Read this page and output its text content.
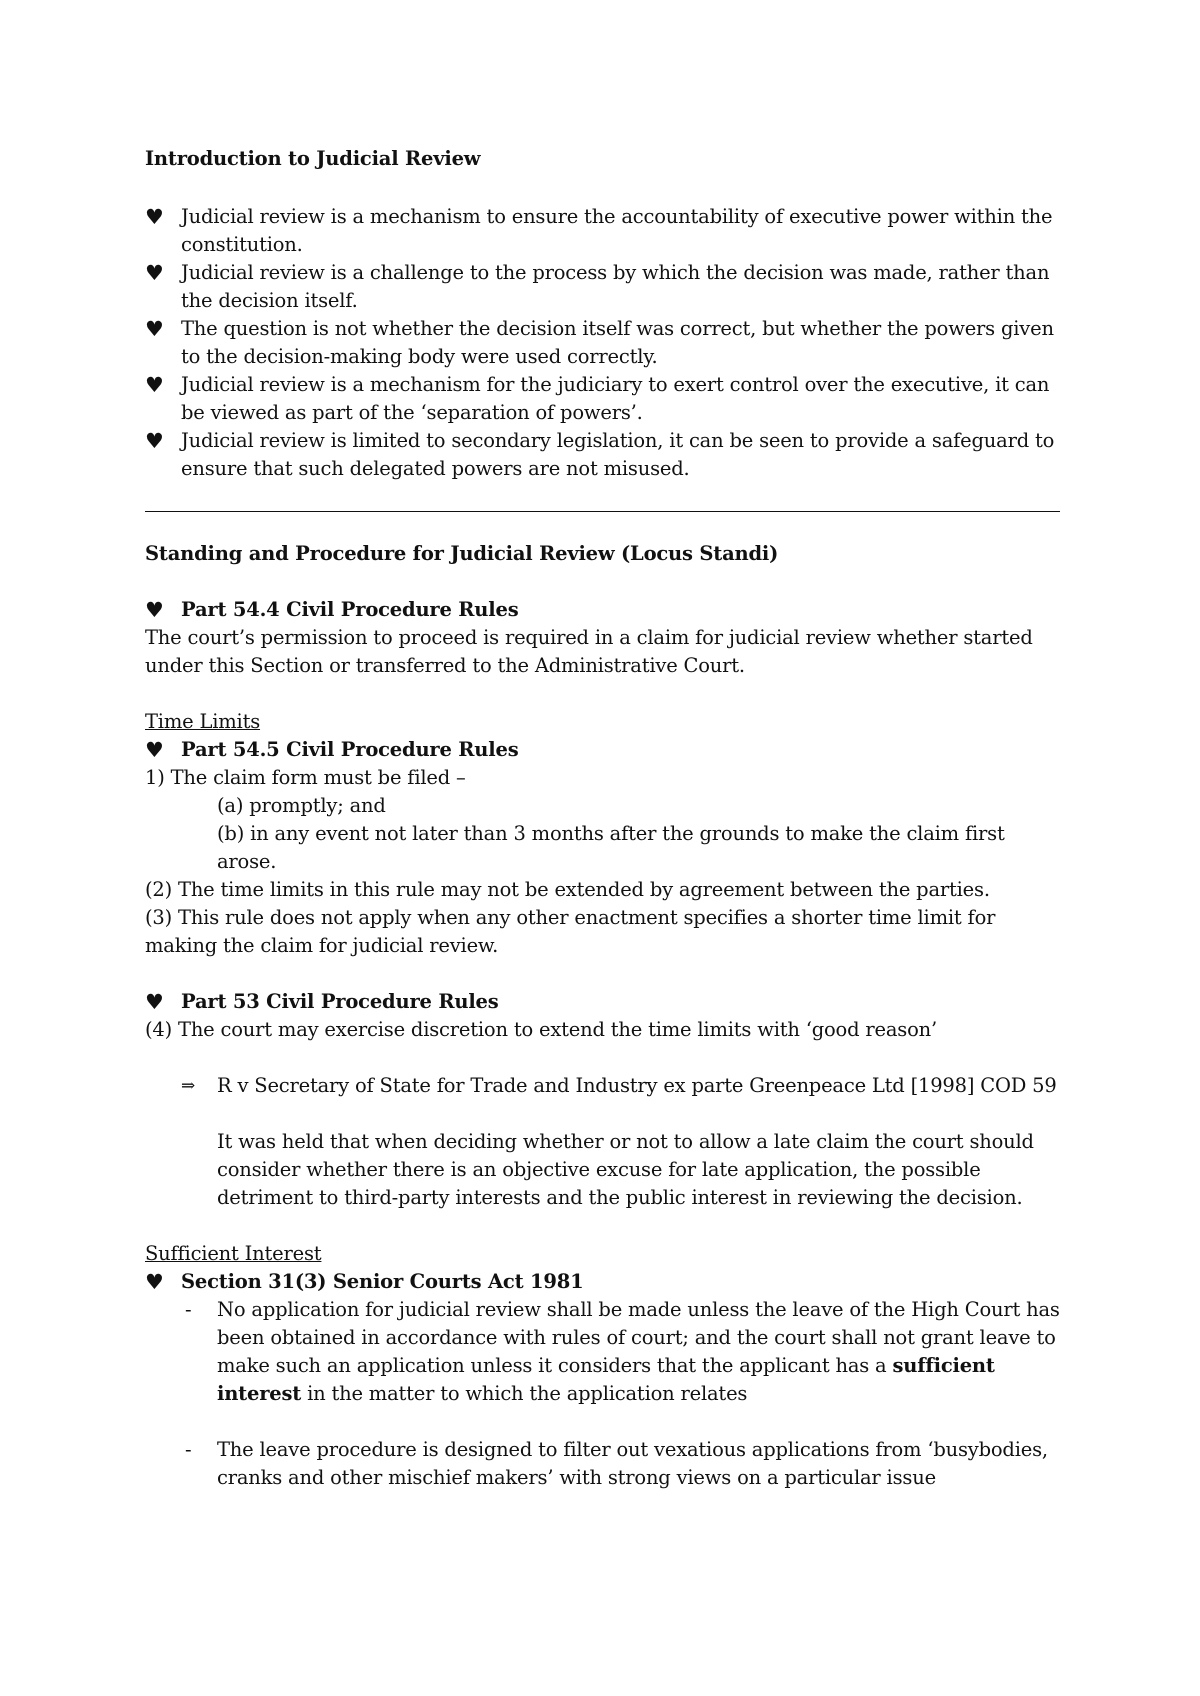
Introduction to Judicial Review
♥ Judicial review is a mechanism to ensure the accountability of executive power within the constitution.
♥ Judicial review is a challenge to the process by which the decision was made, rather than the decision itself.
♥ The question is not whether the decision itself was correct, but whether the powers given to the decision-making body were used correctly.
♥ Judicial review is a mechanism for the judiciary to exert control over the executive, it can be viewed as part of the ‘separation of powers’.
♥ Judicial review is limited to secondary legislation, it can be seen to provide a safeguard to ensure that such delegated powers are not misused.
Standing and Procedure for Judicial Review (Locus Standi)
♥ Part 54.4 Civil Procedure Rules

The court’s permission to proceed is required in a claim for judicial review whether started under this Section or transferred to the Administrative Court.

Time Limits
♥ Part 54.5 Civil Procedure Rules

1) The claim form must be filed –

(a) promptly; and

(b) in any event not later than 3 months after the grounds to make the claim first arose.

(2) The time limits in this rule may not be extended by agreement between the parties.

(3) This rule does not apply when any other enactment specifies a shorter time limit for making the claim for judicial review.

♥ Part 53 Civil Procedure Rules

(4) The court may exercise discretion to extend the time limits with ‘good reason’

⇒ R v Secretary of State for Trade and Industry ex parte Greenpeace Ltd [1998] COD 59

It was held that when deciding whether or not to allow a late claim the court should consider whether there is an objective excuse for late application, the possible detriment to third-party interests and the public interest in reviewing the decision.

Sufficient Interest
♥ Section 31(3) Senior Courts Act 1981
- No application for judicial review shall be made unless the leave of the High Court has been obtained in accordance with rules of court; and the court shall not grant leave to make such an application unless it considers that the applicant has a sufficient interest in the matter to which the application relates
- The leave procedure is designed to filter out vexatious applications from ‘busybodies, cranks and other mischief makers’ with strong views on a particular issue
